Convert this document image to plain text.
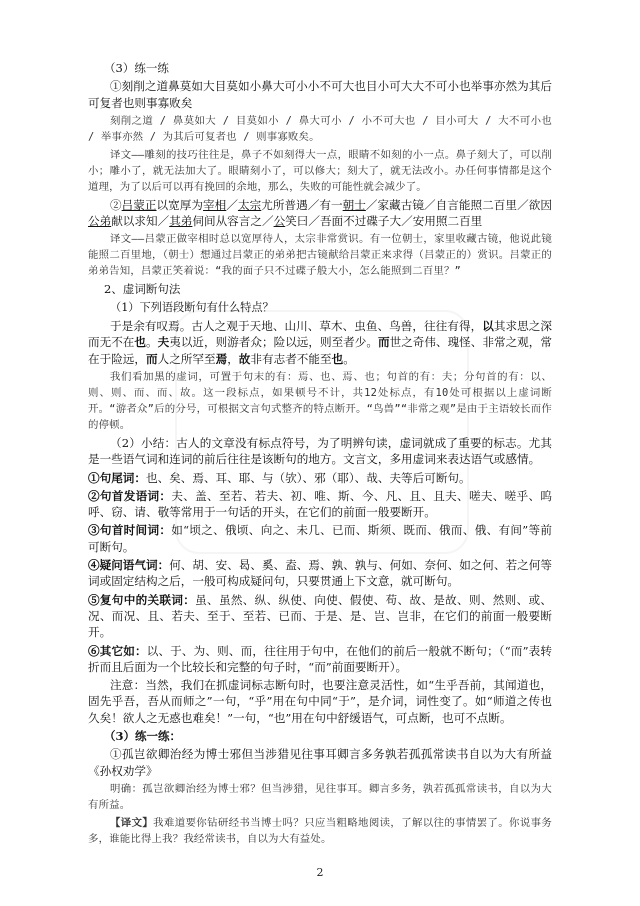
（3）练一练

①刻削之道鼻莫如大目莫如小鼻大可小小不可大也目小可大大不可小也举事亦然为其后可复者也则事寡败矣

刻削之道 / 鼻莫如大 / 目莫如小 / 鼻大可小 / 小不可大也 / 目小可大 / 大不可小也 / 举事亦然 / 为其后可复者也 / 则事寡败矣。

译文——雕刻的技巧往往是，鼻子不如刻得大一点，眼睛不如刻的小一点。鼻子刻大了，可以削小；雕小了，就无法加大了。眼睛刻小了，可以修大；刻大了，就无法改小。办任何事情都是这个道理，为了以后可以再有挽回的余地，那么，失败的可能性就会减少了。

②吕蒙正以宽厚为宰相／太宗尤所普遇／有一朝士／家藏古镜／自言能照二百里／欲因公弟献以求知／其弟伺间从容言之／公笑曰／吾面不过碟子大／安用照二百里

译文——吕蒙正做宰相时总以宽厚待人，太宗非常赏识。有一位朝士，家里收藏古镜，他说此镜能照二百里地，（朝士）想通过吕蒙正的弟弟把古镜献给吕蒙正来求得（吕蒙正的）赏识。吕蒙正的弟弟告知，吕蒙正笑着说：“我的面子只不过碟子般大小，怎么能照到二百里？”

2、虚词断句法

（1）下列语段断句有什么特点？

于是余有叹焉。古人之观于天地、山川、草木、虫鱼、鸟兽，往往有得，以其求思之深而无不在也。夫夷以近，则游者众；险以远，则至者少。而世之奇伟、瑰怪、非常之观，常在于险远，而人之所罕至焉，故非有志者不能至也。

我们看加黑的虚词，可置于句末的有：焉、也、焉、也；句首的有：夫；分句首的有：以、则、则、而、而、故。这一段标点，如果顿号不计，共12处标点，有10处可根据以上虚词断开。“游者众”后的分号，可根据文言句式整齐的特点断开。“鸟兽”“非常之观”是由于主语较长而作的停顿。

（2）小结：古人的文章没有标点符号，为了明辨句读，虚词就成了重要的标志。尤其是一些语气词和连词的前后往往是该断句的地方。文言文，多用虚词来表达语气或感情。

①句尾词：也、矣、焉、耳、耶、与（欤）、邪（耶）、哉、夫等后可断句。

②句首发语词：夫、盖、至若、若夫、初、唯、斯、今、凡、且、且夫、嗟夫、嗟乎、呜呼、窃、请、敬等常用于一句话的开头，在它们的前面一般要断开。

③句首时间词：如“顷之、俄顷、向之、未几、已而、斯须、既而、俄而、俄、有间”等前可断句。

④疑问语气词：何、胡、安、曷、奚、盍、焉、孰、孰与、何如、奈何、如之何、若之何等词或固定结构之后，一般可构成疑问句，只要贯通上下文意，就可断句。

⑤复句中的关联词：虽、虽然、纵、纵使、向使、假使、苟、故、是故、则、然则、或、况、而况、且、若夫、至于、至若、已而、于是、是、岂、岂非，在它们的前面一般要断开。

⑥其它如：以、于、为、则、而，往往用于句中，在他们的前后一般就不断句；（“而”表转折而且后面为一个比较长和完整的句子时，“而”前面要断开）。

注意：当然，我们在抓虚词标志断句时，也要注意灵活性，如“生乎吾前，其闻道也，固先乎吾，吾从而师之”一句，“乎”用在句中同“于”，是介词，词性变了。如“师道之传也久矣！欲人之无惑也难矣！”一句，“也”用在句中舒缓语气，可点断，也可不点断。

（3）练一练：

①孤岂欲卿治经为博士邪但当涉猎见往事耳卿言多务孰若孤孤常读书自以为大有所益《孙权劝学》

明确：孤岂欲卿治经为博士邪？但当涉猎，见往事耳。卿言多务，孰若孤孤常读书，自以为大有所益。

【译文】我难道要你钻研经书当博士吗？只应当粗略地阅读，了解以往的事情罢了。你说事务多，谁能比得上我？我经常读书，自以为大有益处。

2
